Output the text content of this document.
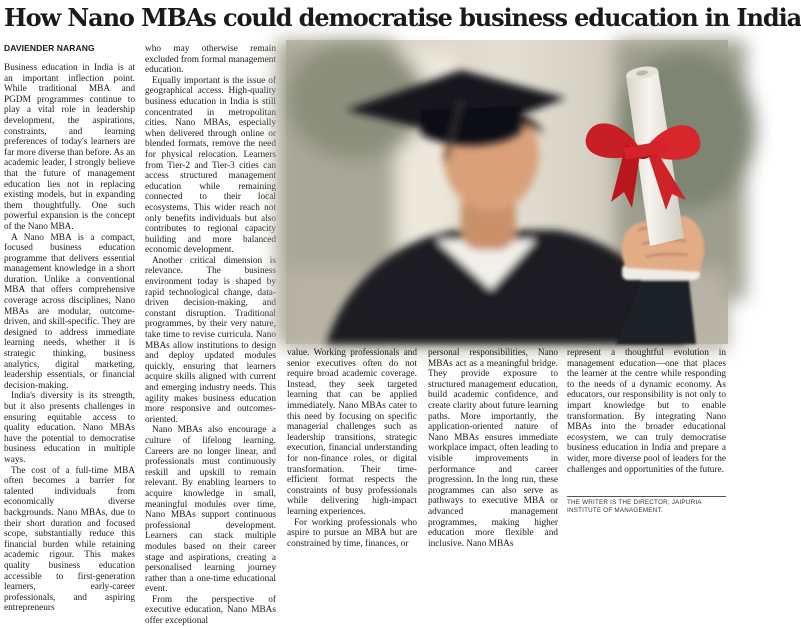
How Nano MBAs could democratise business education in India
DAVIENDER NARANG

Business education in India is at an important inflection point. While traditional MBA and PGDM programmes continue to play a vital role in leadership development, the aspirations, constraints, and learning preferences of today's learners are far more diverse than before. As an academic leader, I strongly believe that the future of management education lies not in replacing existing models, but in expanding them thoughtfully. One such powerful expansion is the concept of the Nano MBA.

A Nano MBA is a compact, focused business education programme that delivers essential management knowledge in a short duration. Unlike a conventional MBA that offers comprehensive coverage across disciplines, Nano MBAs are modular, outcome-driven, and skill-specific. They are designed to address immediate learning needs, whether it is strategic thinking, business analytics, digital marketing, leadership essentials, or financial decision-making.

India's diversity is its strength, but it also presents challenges in ensuring equitable access to quality education. Nano MBAs have the potential to democratise business education in multiple ways.

The cost of a full-time MBA often becomes a barrier for talented individuals from economically diverse backgrounds. Nano MBAs, due to their short duration and focused scope, substantially reduce this financial burden while retaining academic rigour. This makes quality business education accessible to first-generation learners, early-career professionals, and aspiring entrepreneurs

who may otherwise remain excluded from formal management education.

Equally important is the issue of geographical access. High-quality business education in India is still concentrated in metropolitan cities. Nano MBAs, especially when delivered through online or blended formats, remove the need for physical relocation. Learners from Tier-2 and Tier-3 cities can access structured management education while remaining connected to their local ecosystems. This wider reach not only benefits individuals but also contributes to regional capacity building and more balanced economic development.

Another critical dimension is relevance. The business environment today is shaped by rapid technological change, data-driven decision-making, and constant disruption. Traditional programmes, by their very nature, take time to revise curricula. Nano MBAs allow institutions to design and deploy updated modules quickly, ensuring that learners acquire skills aligned with current and emerging industry needs. This agility makes business education more responsive and outcomes-oriented.

Nano MBAs also encourage a culture of lifelong learning. Careers are no longer linear, and professionals must continuously reskill and upskill to remain relevant. By enabling learners to acquire knowledge in small, meaningful modules over time, Nano MBAs support continuous professional development. Learners can stack multiple modules based on their career stage and aspirations, creating a personalised learning journey rather than a one-time educational event.

From the perspective of executive education, Nano MBAs offer exceptional

value. Working professionals and senior executives often do not require broad academic coverage. Instead, they seek targeted learning that can be applied immediately. Nano MBAs cater to this need by focusing on specific managerial challenges such as leadership transitions, strategic execution, financial understanding for non-finance roles, or digital transformation. Their time-efficient format respects the constraints of busy professionals while delivering high-impact learning experiences.

For working professionals who aspire to pursue an MBA but are constrained by time, finances, or

personal responsibilities, Nano MBAs act as a meaningful bridge. They provide exposure to structured management education, build academic confidence, and create clarity about future learning paths. More importantly, the application-oriented nature of Nano MBAs ensures immediate workplace impact, often leading to visible improvements in performance and career progression. In the long run, these programmes can also serve as pathways to executive MBA or advanced management programmes, making higher education more flexible and inclusive. Nano MBAs

represent a thoughtful evolution in management education—one that places the learner at the centre while responding to the needs of a dynamic economy. As educators, our responsibility is not only to impart knowledge but to enable transformation. By integrating Nano MBAs into the broader educational ecosystem, we can truly democratise business education in India and prepare a wider, more diverse pool of leaders for the challenges and opportunities of the future.

THE WRITER IS THE DIRECTOR, JAIPURIA INSTITUTE OF MANAGEMENT.
